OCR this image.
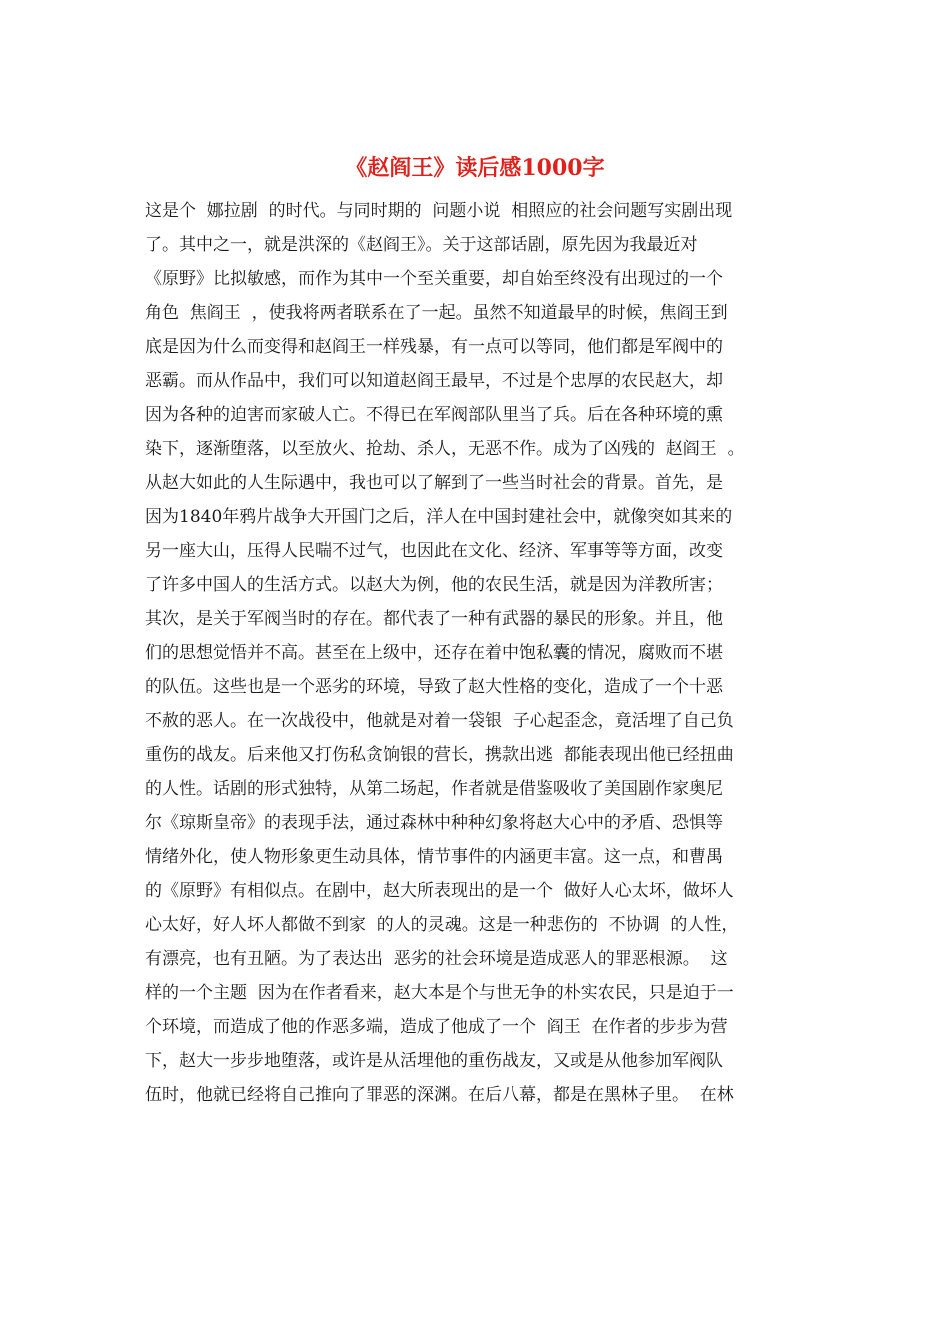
《赵阎王》读后感1000字
这是个  娜拉剧  的时代。与同时期的  问题小说  相照应的社会问题写实剧出现
了。其中之一，就是洪深的《赵阎王》。关于这部话剧，原先因为我最近对
《原野》比拟敏感，而作为其中一个至关重要，却自始至终没有出现过的一个
角色  焦阎王  ，使我将两者联系在了一起。虽然不知道最早的时候，焦阎王到
底是因为什么而变得和赵阎王一样残暴，有一点可以等同，他们都是军阀中的
恶霸。而从作品中，我们可以知道赵阎王最早，不过是个忠厚的农民赵大，却
因为各种的迫害而家破人亡。不得已在军阀部队里当了兵。后在各种环境的熏
染下，逐渐堕落，以至放火、抢劫、杀人，无恶不作。成为了凶残的  赵阎王  。
从赵大如此的人生际遇中，我也可以了解到了一些当时社会的背景。首先，是
因为1840年鸦片战争大开国门之后，洋人在中国封建社会中，就像突如其来的
另一座大山，压得人民喘不过气，也因此在文化、经济、军事等等方面，改变
了许多中国人的生活方式。以赵大为例，他的农民生活，就是因为洋教所害；
其次，是关于军阀当时的存在。都代表了一种有武器的暴民的形象。并且，他
们的思想觉悟并不高。甚至在上级中，还存在着中饱私囊的情况，腐败而不堪
的队伍。这些也是一个恶劣的环境，导致了赵大性格的变化，造成了一个十恶
不赦的恶人。在一次战役中，他就是对着一袋银  子心起歪念，竟活埋了自己负
重伤的战友。后来他又打伤私贪饷银的营长，携款出逃  都能表现出他已经扭曲
的人性。话剧的形式独特，从第二场起，作者就是借鉴吸收了美国剧作家奥尼
尔《琼斯皇帝》的表现手法，通过森林中种种幻象将赵大心中的矛盾、恐惧等
情绪外化，使人物形象更生动具体，情节事件的内涵更丰富。这一点，和曹禺
的《原野》有相似点。在剧中，赵大所表现出的是一个  做好人心太坏，做坏人
心太好，好人坏人都做不到家  的人的灵魂。这是一种悲伤的  不协调  的人性，
有漂亮，也有丑陋。为了表达出  恶劣的社会环境是造成恶人的罪恶根源。  这
样的一个主题  因为在作者看来，赵大本是个与世无争的朴实农民，只是迫于一
个环境，而造成了他的作恶多端，造成了他成了一个  阎王  在作者的步步为营
下，赵大一步步地堕落，或许是从活埋他的重伤战友，又或是从他参加军阀队
伍时，他就已经将自己推向了罪恶的深渊。在后八幕，都是在黑林子里。  在林
